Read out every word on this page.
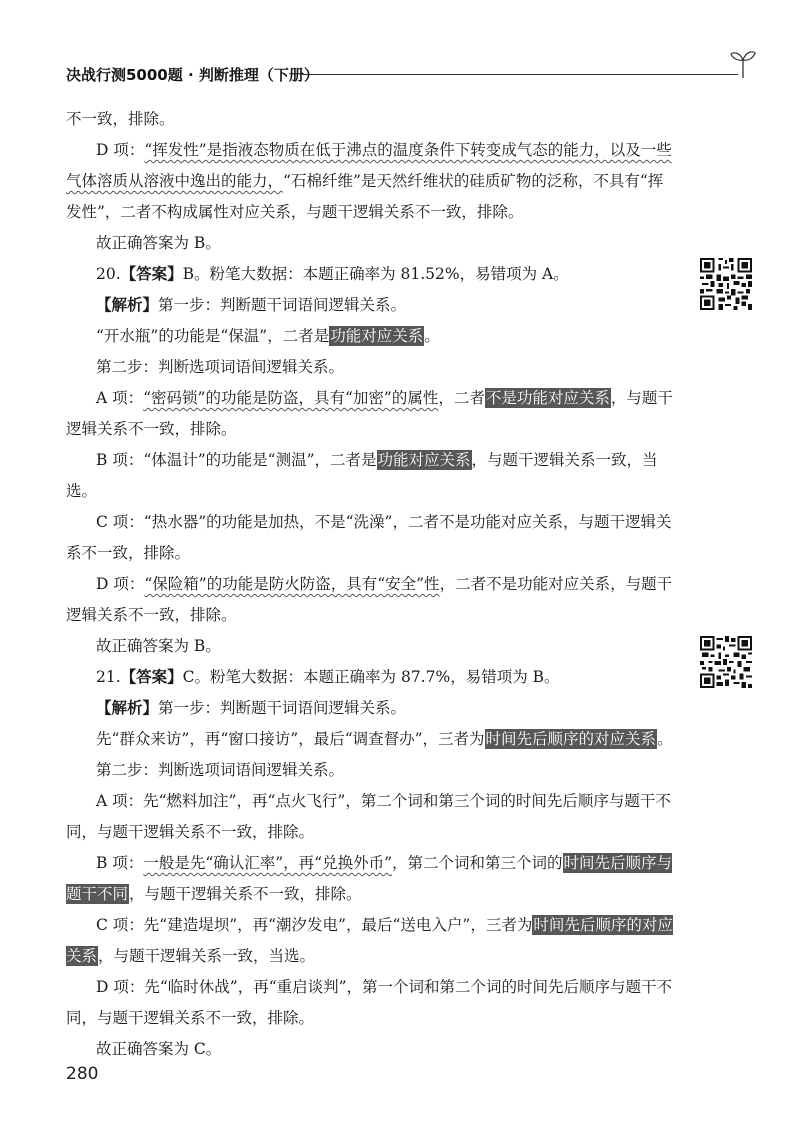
决战行测5000题 · 判断推理（下册）

不一致，排除。

D 项：“挥发性”是指液态物质在低于沸点的温度条件下转变成气态的能力，以及一些气体溶质从溶液中逸出的能力，“石棉纤维”是天然纤维状的硅质矿物的泛称，不具有“挥发性”，二者不构成属性对应关系，与题干逻辑关系不一致，排除。

故正确答案为 B。

20.【答案】B。粉笔大数据：本题正确率为 81.52%，易错项为 A。

【解析】第一步：判断题干词语间逻辑关系。

“开水瓶”的功能是“保温”，二者是功能对应关系。

第二步：判断选项词语间逻辑关系。

A 项：“密码锁”的功能是防盗，具有“加密”的属性，二者不是功能对应关系，与题干逻辑关系不一致，排除。

B 项：“体温计”的功能是“测温”，二者是功能对应关系，与题干逻辑关系一致，当选。

C 项：“热水器”的功能是加热，不是“洗澡”，二者不是功能对应关系，与题干逻辑关系不一致，排除。

D 项：“保险箱”的功能是防火防盗，具有“安全”性，二者不是功能对应关系，与题干逻辑关系不一致，排除。

故正确答案为 B。

21.【答案】C。粉笔大数据：本题正确率为 87.7%，易错项为 B。

【解析】第一步：判断题干词语间逻辑关系。

先“群众来访”，再“窗口接访”，最后“调查督办”，三者为时间先后顺序的对应关系。

第二步：判断选项词语间逻辑关系。

A 项：先“燃料加注”，再“点火飞行”，第二个词和第三个词的时间先后顺序与题干不同，与题干逻辑关系不一致，排除。

B 项：一般是先“确认汇率”，再“兑换外币”，第二个词和第三个词的时间先后顺序与题干不同，与题干逻辑关系不一致，排除。

C 项：先“建造堤坝”，再“潮汐发电”，最后“送电入户”，三者为时间先后顺序的对应关系，与题干逻辑关系一致，当选。

D 项：先“临时休战”，再“重启谈判”，第一个词和第二个词的时间先后顺序与题干不同，与题干逻辑关系不一致，排除。

故正确答案为 C。

280
